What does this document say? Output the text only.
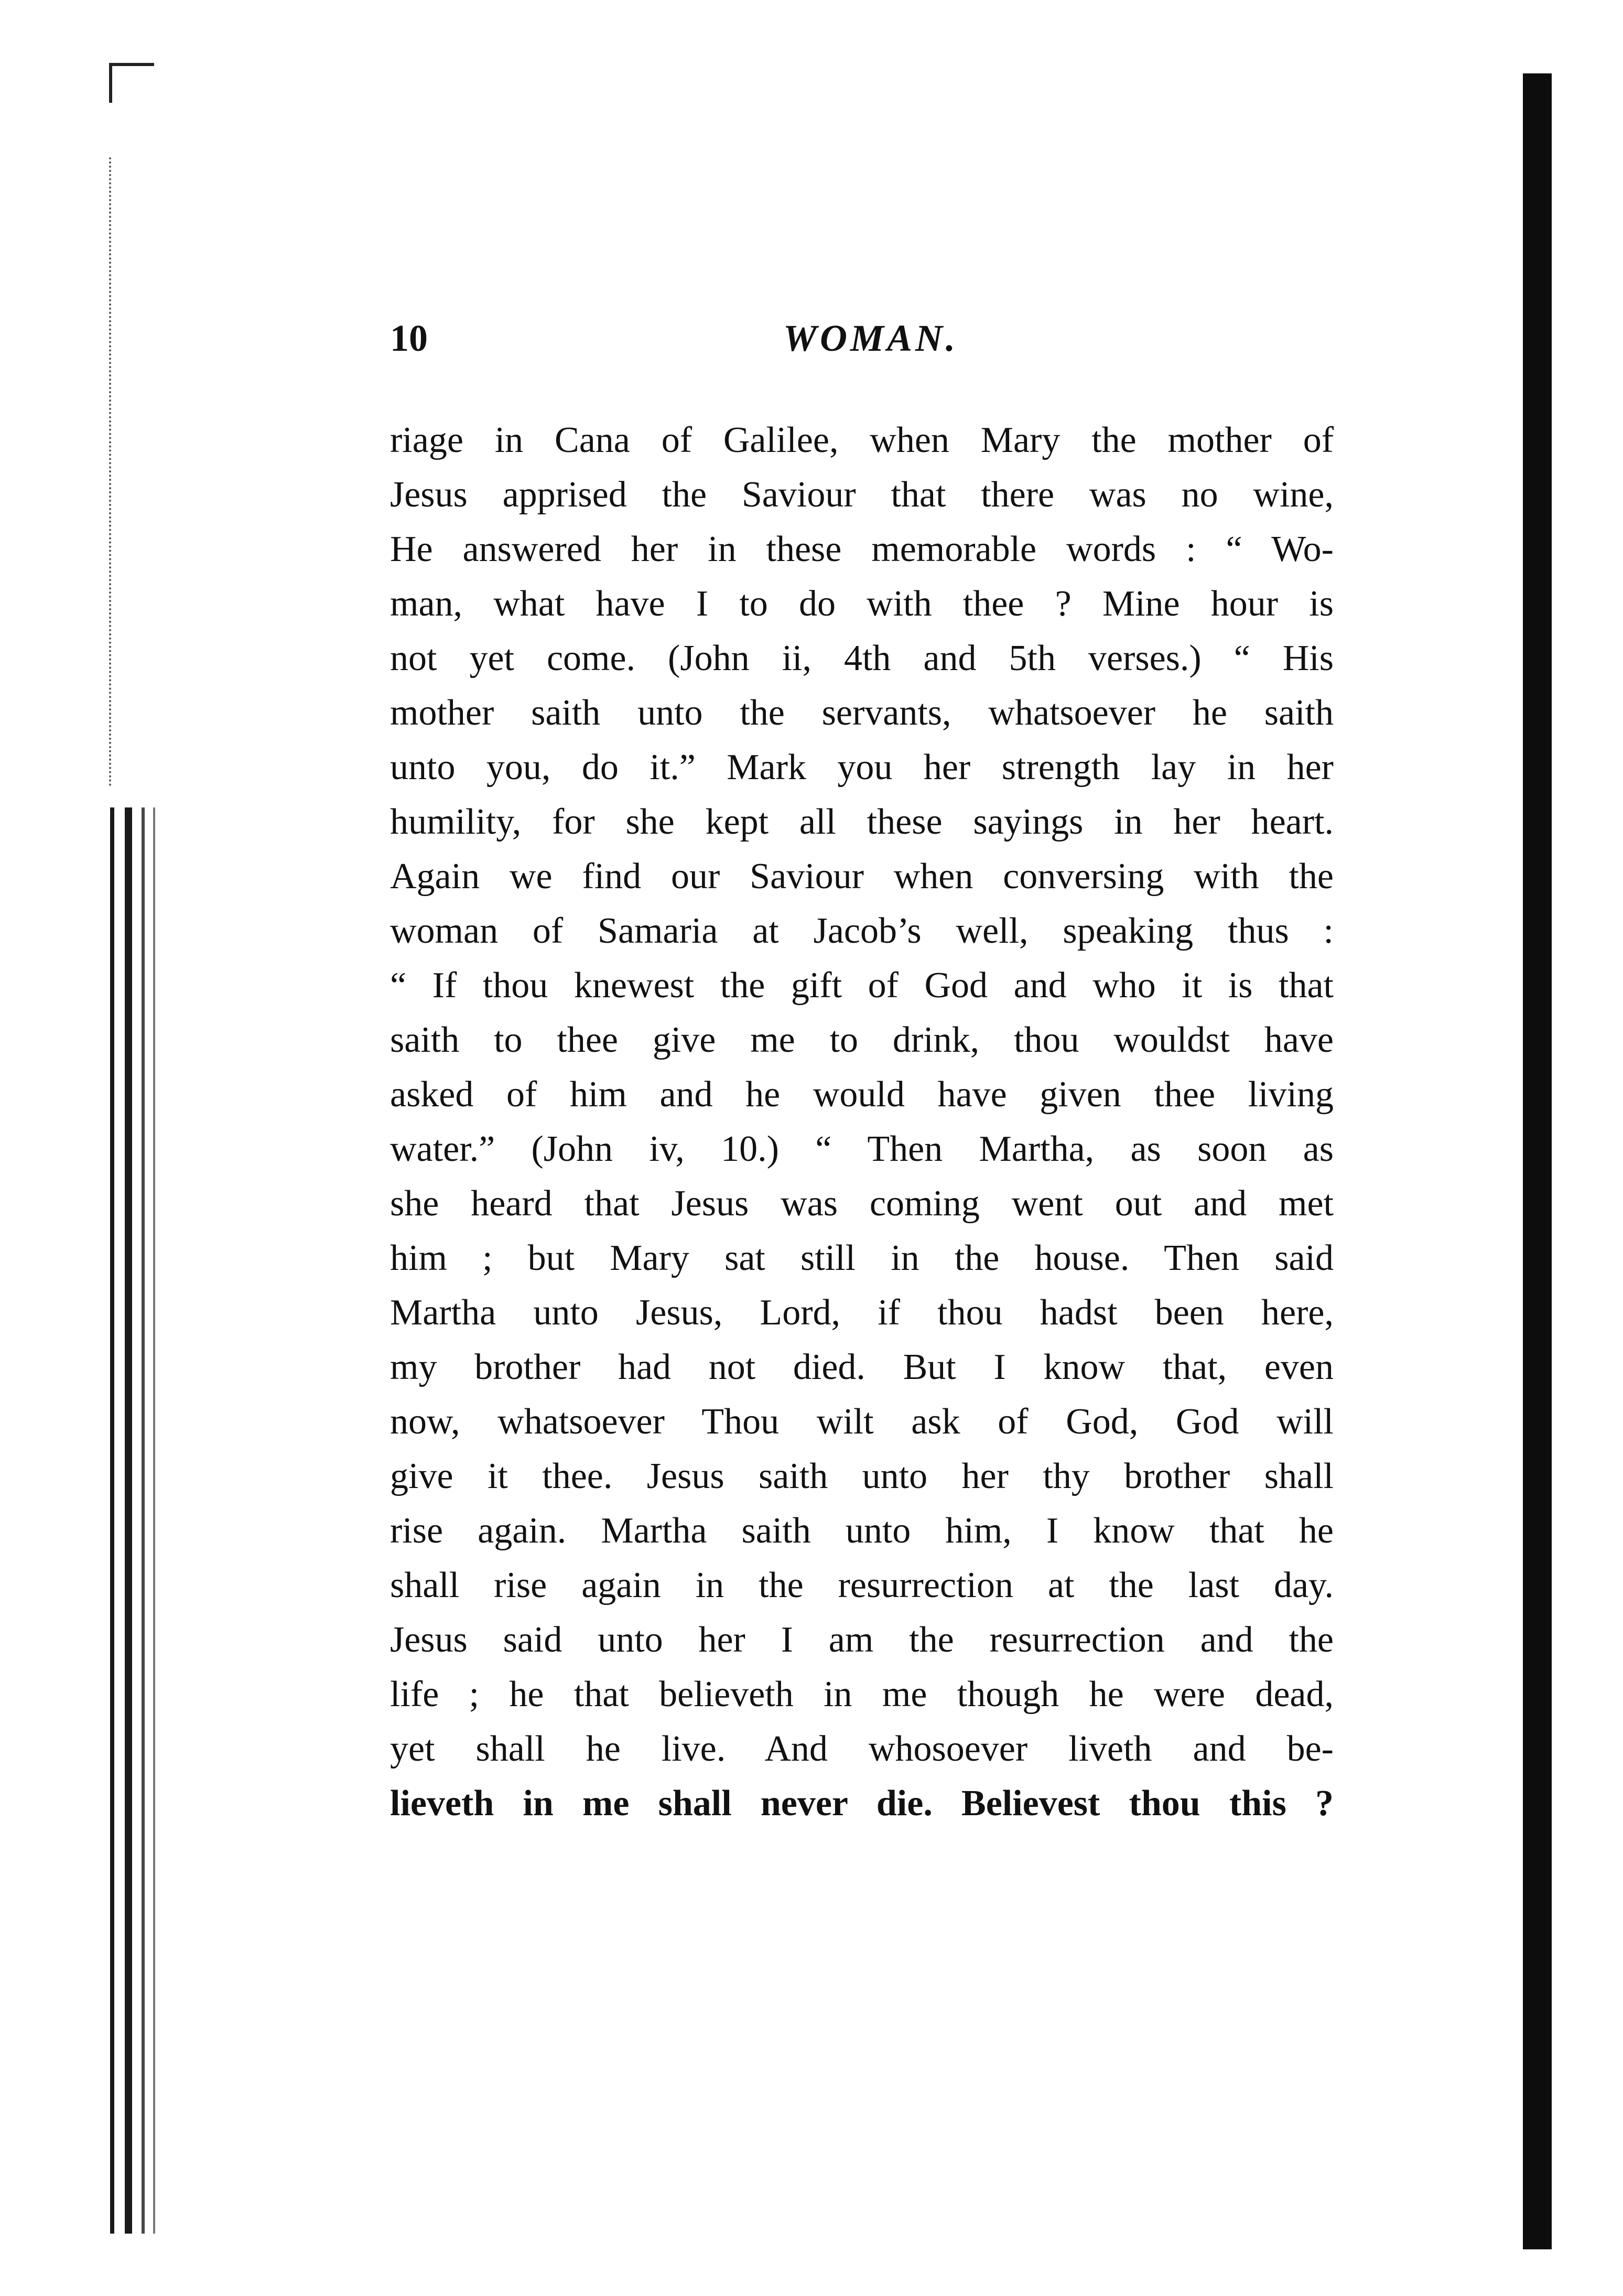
10	WOMAN.
riage in Cana of Galilee, when Mary the mother of
Jesus apprised the Saviour that there was no wine,
He answered her in these memorable words : “ Wo-
man, what have I to do with thee ? Mine hour is
not yet come. (John ii, 4th and 5th verses.) “ His
mother saith unto the servants, whatsoever he saith
unto you, do it.” Mark you her strength lay in her
humility, for she kept all these sayings in her heart.
Again we find our Saviour when conversing with the
woman of Samaria at Jacob’s well, speaking thus :
“ If thou knewest the gift of God and who it is that
saith to thee give me to drink, thou wouldst have
asked of him and he would have given thee living
water.” (John iv, 10.) “ Then Martha, as soon as
she heard that Jesus was coming went out and met
him ; but Mary sat still in the house. Then said
Martha unto Jesus, Lord, if thou hadst been here,
my brother had not died. But I know that, even
now, whatsoever Thou wilt ask of God, God will
give it thee. Jesus saith unto her thy brother shall
rise again. Martha saith unto him, I know that he
shall rise again in the resurrection at the last day.
Jesus said unto her I am the resurrection and the
life ; he that believeth in me though he were dead,
yet shall he live. And whosoever liveth and be-
lieveth in me shall never die. Believest thou this ?
